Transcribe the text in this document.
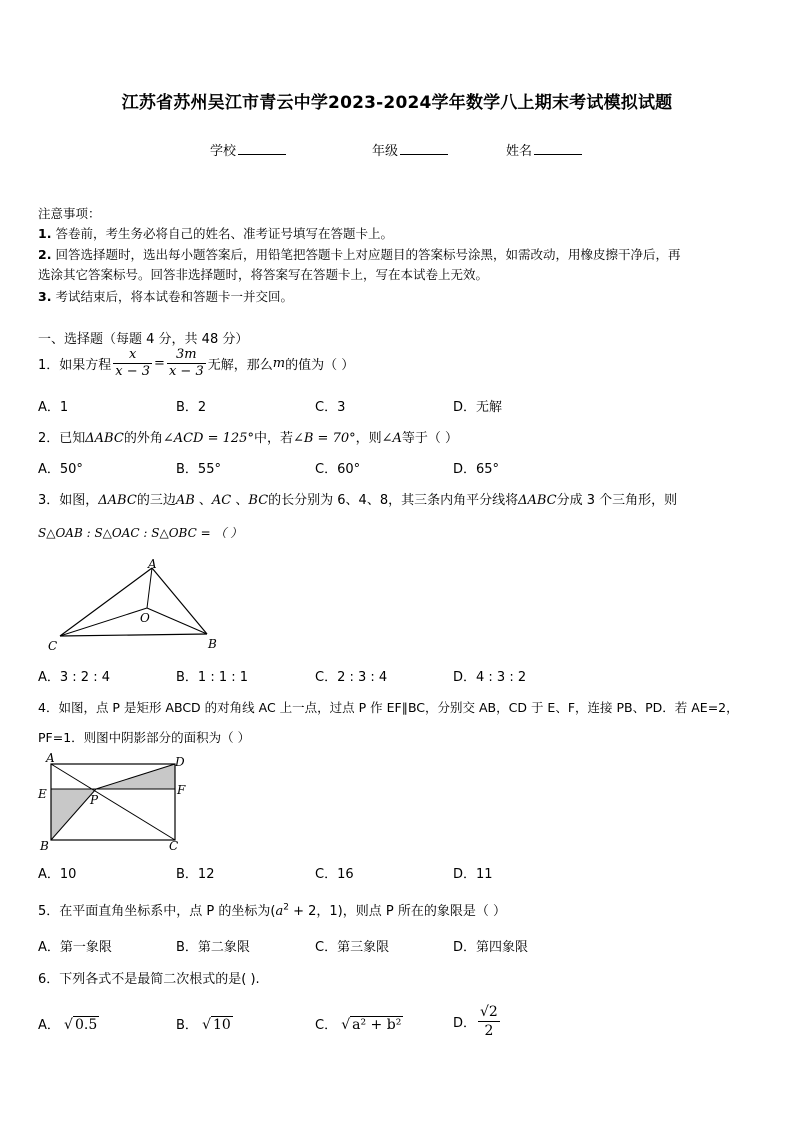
江苏省苏州吴江市青云中学2023-2024学年数学八上期末考试模拟试题
学校	年级	姓名
注意事项：
1. 答卷前，考生务必将自己的姓名、准考证号填写在答题卡上。
2. 回答选择题时，选出每小题答案后，用铅笔把答题卡上对应题目的答案标号涂黑，如需改动，用橡皮擦干净后，再
选涂其它答案标号。回答非选择题时，将答案写在答题卡上，写在本试卷上无效。
3. 考试结束后，将本试卷和答题卡一并交回。
一、选择题（每题 4 分，共 48 分）
1．如果方程 $\frac{x}{x - 3} = \frac{3m}{x - 3}$ 无解，那么 m 的值为（ ）
A．1	B．2	C．3	D．无解
2．已知ΔABC的外角∠ACD = 125°中，若∠B = 70°，则∠A等于（ ）
A．50°	B．55°	C．60°	D．65°
3．如图，ΔABC的三边AB 、AC 、BC的长分别为 6、4、8，其三条内角平分线将ΔABC分成 3 个三角形，则
S△OAB : S△OAC : S△OBC = （ ）
A
B
C
O
A．3 : 2 : 4	B．1 : 1 : 1	C．2 : 3 : 4	D．4 : 3 : 2
4．如图，点 P 是矩形 ABCD 的对角线 AC 上一点，过点 P 作 EF∥BC，分别交 AB，CD 于 E、F，连接 PB、PD．若 AE=2，
PF=1．则图中阴影部分的面积为（ ）
A	D
E	F
P
B	C
A．10	B．12	C．16	D．11
5．在平面直角坐标系中，点 P 的坐标为($a^2 + 2$，1)，则点 P 所在的象限是（ ）
A．第一象限	B．第二象限	C．第三象限	D．第四象限
6．下列各式不是最简二次根式的是( ).
A． √ 0.5	B． √ 10	C． √ a² + b²	D． $\frac{√2}{2}$
